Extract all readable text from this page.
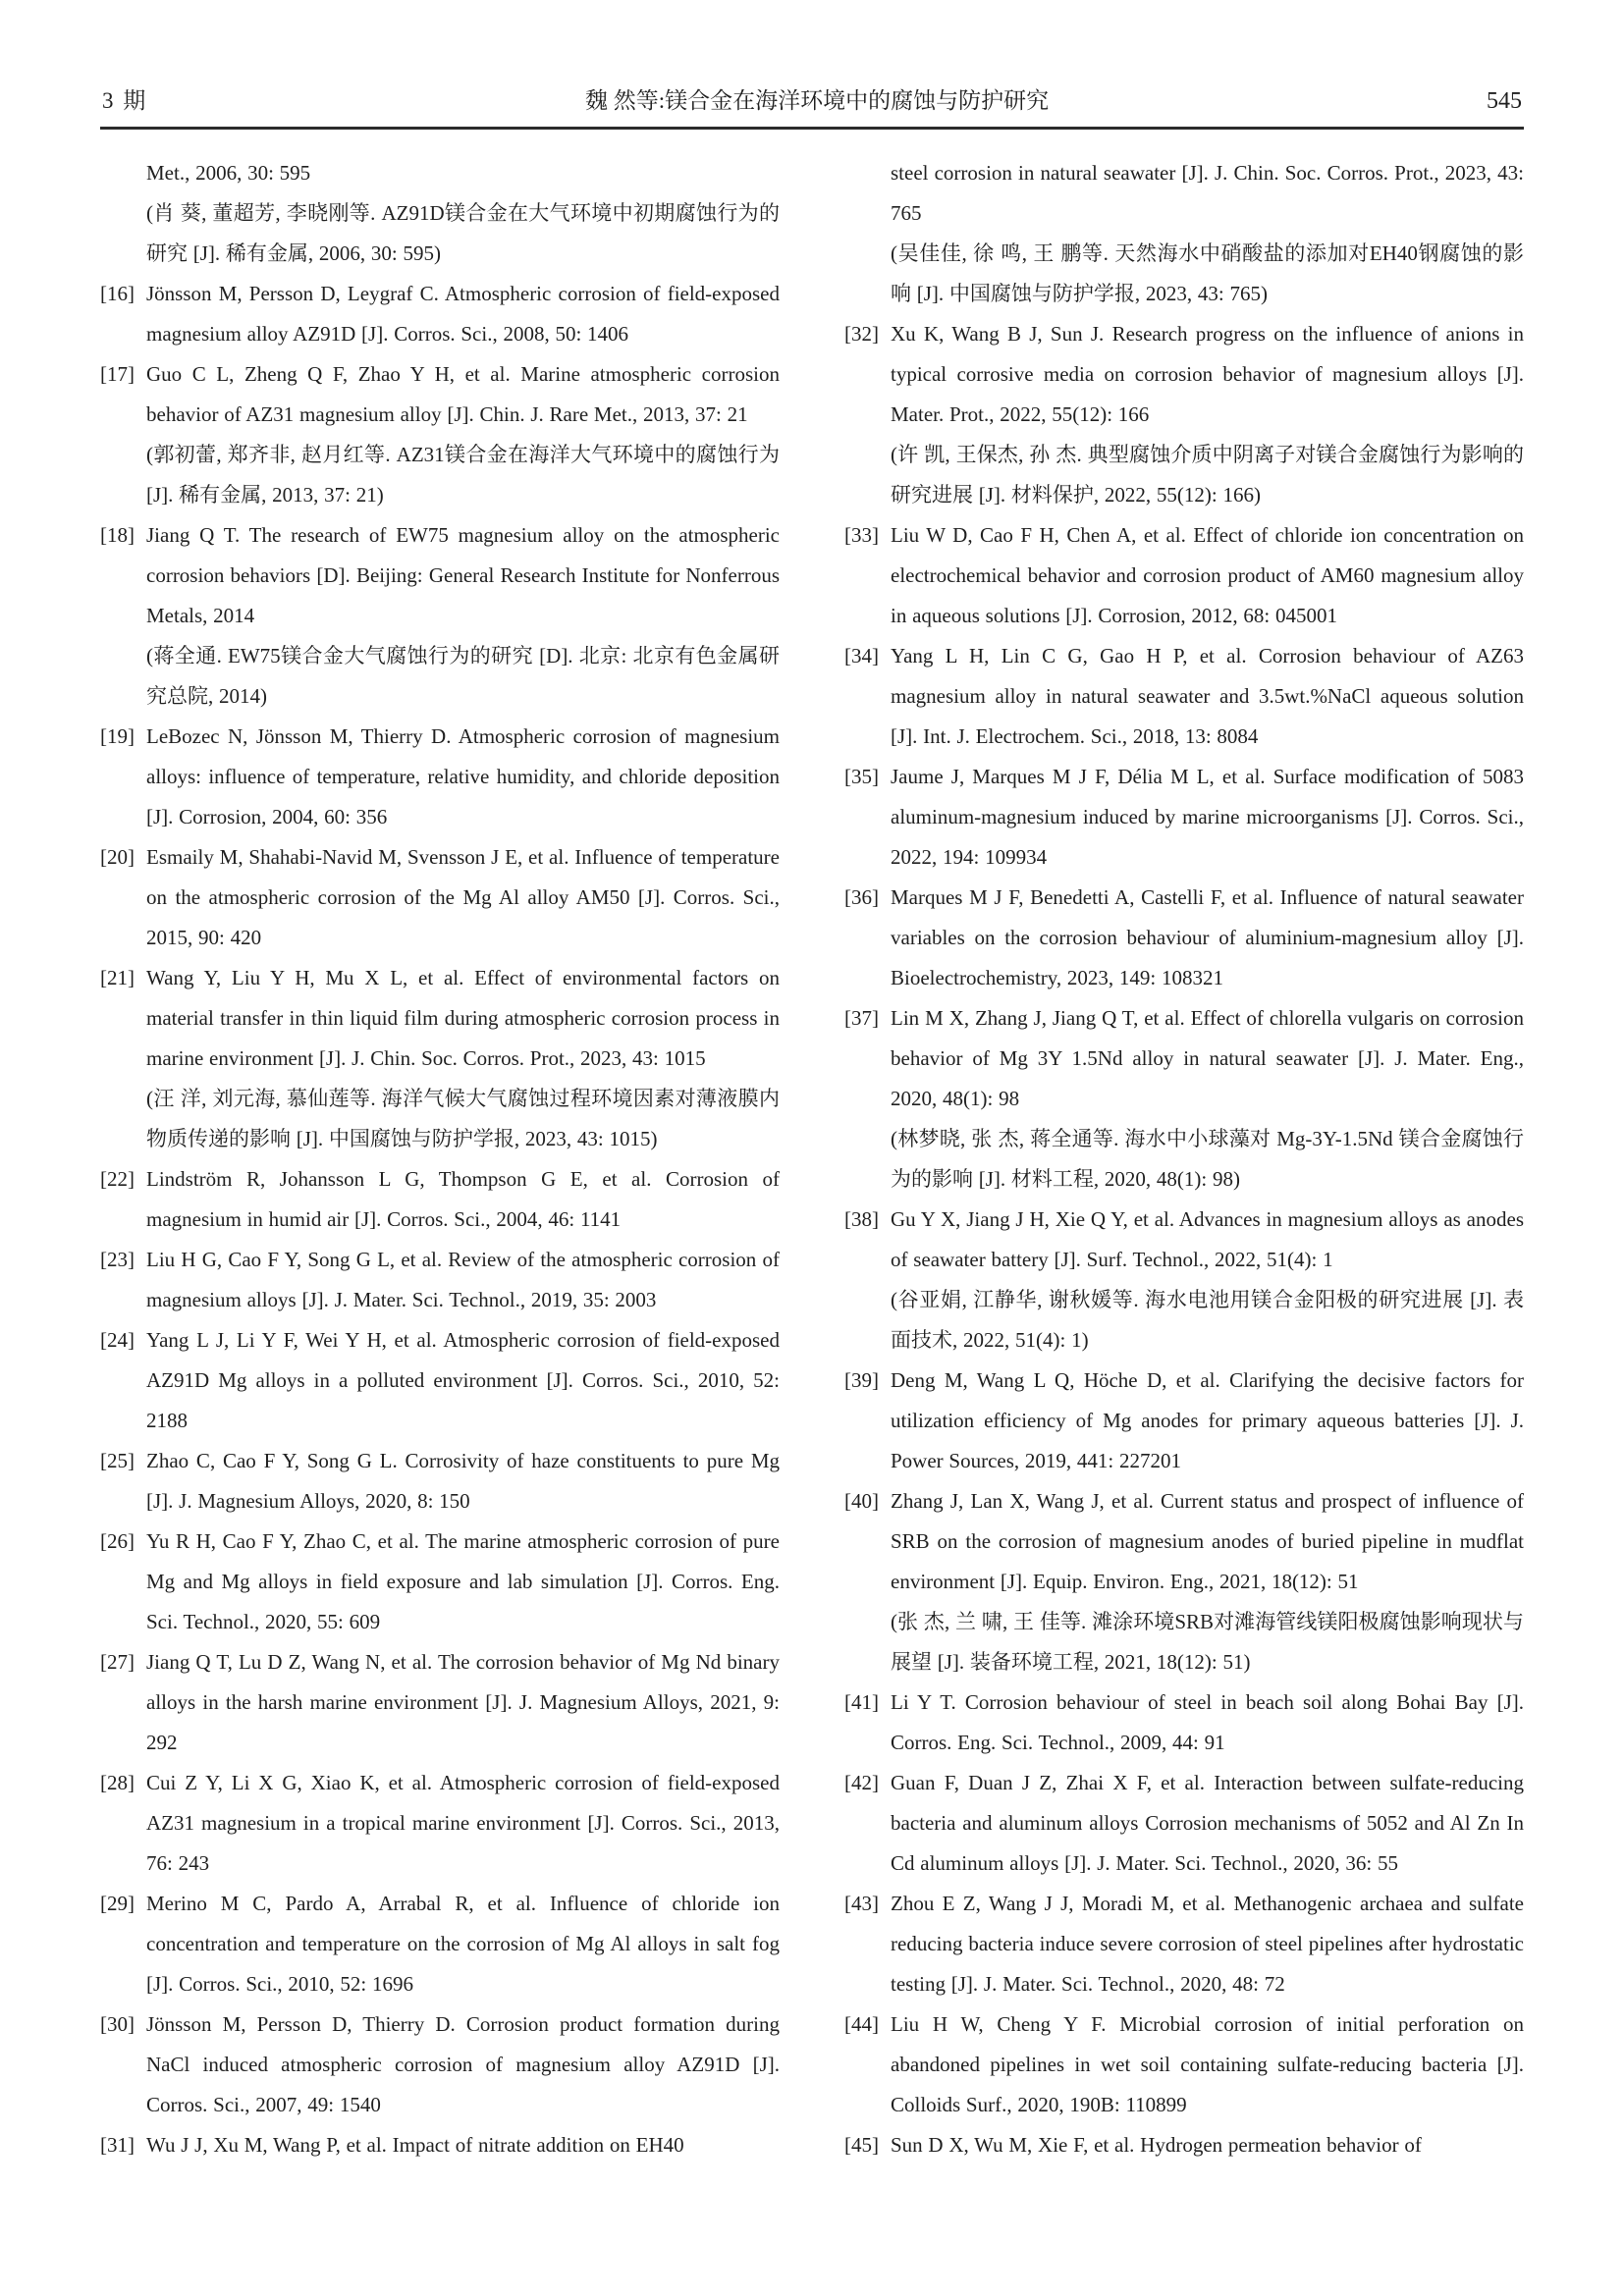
3 期	魏 然等:镁合金在海洋环境中的腐蚀与防护研究	545
Met., 2006, 30: 595
(肖 葵, 董超芳, 李晓刚等. AZ91D镁合金在大气环境中初期腐蚀行为的研究 [J]. 稀有金属, 2006, 30: 595)
[16] Jönsson M, Persson D, Leygraf C. Atmospheric corrosion of field-exposed magnesium alloy AZ91D [J]. Corros. Sci., 2008, 50: 1406
[17] Guo C L, Zheng Q F, Zhao Y H, et al. Marine atmospheric corrosion behavior of AZ31 magnesium alloy [J]. Chin. J. Rare Met., 2013, 37: 21
(郭初蕾, 郑齐非, 赵月红等. AZ31镁合金在海洋大气环境中的腐蚀行为 [J]. 稀有金属, 2013, 37: 21)
[18] Jiang Q T. The research of EW75 magnesium alloy on the atmospheric corrosion behaviors [D]. Beijing: General Research Institute for Nonferrous Metals, 2014
(蒋全通. EW75镁合金大气腐蚀行为的研究 [D]. 北京: 北京有色金属研究总院, 2014)
[19] LeBozec N, Jönsson M, Thierry D. Atmospheric corrosion of magnesium alloys: influence of temperature, relative humidity, and chloride deposition [J]. Corrosion, 2004, 60: 356
[20] Esmaily M, Shahabi-Navid M, Svensson J E, et al. Influence of temperature on the atmospheric corrosion of the Mg Al alloy AM50 [J]. Corros. Sci., 2015, 90: 420
[21] Wang Y, Liu Y H, Mu X L, et al. Effect of environmental factors on material transfer in thin liquid film during atmospheric corrosion process in marine environment [J]. J. Chin. Soc. Corros. Prot., 2023, 43: 1015
(汪 洋, 刘元海, 慕仙莲等. 海洋气候大气腐蚀过程环境因素对薄液膜内物质传递的影响 [J]. 中国腐蚀与防护学报, 2023, 43: 1015)
[22] Lindström R, Johansson L G, Thompson G E, et al. Corrosion of magnesium in humid air [J]. Corros. Sci., 2004, 46: 1141
[23] Liu H G, Cao F Y, Song G L, et al. Review of the atmospheric corrosion of magnesium alloys [J]. J. Mater. Sci. Technol., 2019, 35: 2003
[24] Yang L J, Li Y F, Wei Y H, et al. Atmospheric corrosion of field-exposed AZ91D Mg alloys in a polluted environment [J]. Corros. Sci., 2010, 52: 2188
[25] Zhao C, Cao F Y, Song G L. Corrosivity of haze constituents to pure Mg [J]. J. Magnesium Alloys, 2020, 8: 150
[26] Yu R H, Cao F Y, Zhao C, et al. The marine atmospheric corrosion of pure Mg and Mg alloys in field exposure and lab simulation [J]. Corros. Eng. Sci. Technol., 2020, 55: 609
[27] Jiang Q T, Lu D Z, Wang N, et al. The corrosion behavior of Mg Nd binary alloys in the harsh marine environment [J]. J. Magnesium Alloys, 2021, 9: 292
[28] Cui Z Y, Li X G, Xiao K, et al. Atmospheric corrosion of field-exposed AZ31 magnesium in a tropical marine environment [J]. Corros. Sci., 2013, 76: 243
[29] Merino M C, Pardo A, Arrabal R, et al. Influence of chloride ion concentration and temperature on the corrosion of Mg Al alloys in salt fog [J]. Corros. Sci., 2010, 52: 1696
[30] Jönsson M, Persson D, Thierry D. Corrosion product formation during NaCl induced atmospheric corrosion of magnesium alloy AZ91D [J]. Corros. Sci., 2007, 49: 1540
[31] Wu J J, Xu M, Wang P, et al. Impact of nitrate addition on EH40
steel corrosion in natural seawater [J]. J. Chin. Soc. Corros. Prot., 2023, 43: 765
(吴佳佳, 徐 鸣, 王 鹏等. 天然海水中硝酸盐的添加对EH40钢腐蚀的影响 [J]. 中国腐蚀与防护学报, 2023, 43: 765)
[32] Xu K, Wang B J, Sun J. Research progress on the influence of anions in typical corrosive media on corrosion behavior of magnesium alloys [J]. Mater. Prot., 2022, 55(12): 166
(许 凯, 王保杰, 孙 杰. 典型腐蚀介质中阴离子对镁合金腐蚀行为影响的研究进展 [J]. 材料保护, 2022, 55(12): 166)
[33] Liu W D, Cao F H, Chen A, et al. Effect of chloride ion concentration on electrochemical behavior and corrosion product of AM60 magnesium alloy in aqueous solutions [J]. Corrosion, 2012, 68: 045001
[34] Yang L H, Lin C G, Gao H P, et al. Corrosion behaviour of AZ63 magnesium alloy in natural seawater and 3.5wt.%NaCl aqueous solution [J]. Int. J. Electrochem. Sci., 2018, 13: 8084
[35] Jaume J, Marques M J F, Délia M L, et al. Surface modification of 5083 aluminum-magnesium induced by marine microorganisms [J]. Corros. Sci., 2022, 194: 109934
[36] Marques M J F, Benedetti A, Castelli F, et al. Influence of natural seawater variables on the corrosion behaviour of aluminium-magnesium alloy [J]. Bioelectrochemistry, 2023, 149: 108321
[37] Lin M X, Zhang J, Jiang Q T, et al. Effect of chlorella vulgaris on corrosion behavior of Mg 3Y 1.5Nd alloy in natural seawater [J]. J. Mater. Eng., 2020, 48(1): 98
(林梦晓, 张 杰, 蒋全通等. 海水中小球藻对 Mg-3Y-1.5Nd 镁合金腐蚀行为的影响 [J]. 材料工程, 2020, 48(1): 98)
[38] Gu Y X, Jiang J H, Xie Q Y, et al. Advances in magnesium alloys as anodes of seawater battery [J]. Surf. Technol., 2022, 51(4): 1
(谷亚娟, 江静华, 谢秋媛等. 海水电池用镁合金阳极的研究进展 [J]. 表面技术, 2022, 51(4): 1)
[39] Deng M, Wang L Q, Höche D, et al. Clarifying the decisive factors for utilization efficiency of Mg anodes for primary aqueous batteries [J]. J. Power Sources, 2019, 441: 227201
[40] Zhang J, Lan X, Wang J, et al. Current status and prospect of influence of SRB on the corrosion of magnesium anodes of buried pipeline in mudflat environment [J]. Equip. Environ. Eng., 2021, 18(12): 51
(张 杰, 兰 啸, 王 佳等. 滩涂环境SRB对滩海管线镁阳极腐蚀影响现状与展望 [J]. 装备环境工程, 2021, 18(12): 51)
[41] Li Y T. Corrosion behaviour of steel in beach soil along Bohai Bay [J]. Corros. Eng. Sci. Technol., 2009, 44: 91
[42] Guan F, Duan J Z, Zhai X F, et al. Interaction between sulfate-reducing bacteria and aluminum alloys Corrosion mechanisms of 5052 and Al Zn In Cd aluminum alloys [J]. J. Mater. Sci. Technol., 2020, 36: 55
[43] Zhou E Z, Wang J J, Moradi M, et al. Methanogenic archaea and sulfate reducing bacteria induce severe corrosion of steel pipelines after hydrostatic testing [J]. J. Mater. Sci. Technol., 2020, 48: 72
[44] Liu H W, Cheng Y F. Microbial corrosion of initial perforation on abandoned pipelines in wet soil containing sulfate-reducing bacteria [J]. Colloids Surf., 2020, 190B: 110899
[45] Sun D X, Wu M, Xie F, et al. Hydrogen permeation behavior of
